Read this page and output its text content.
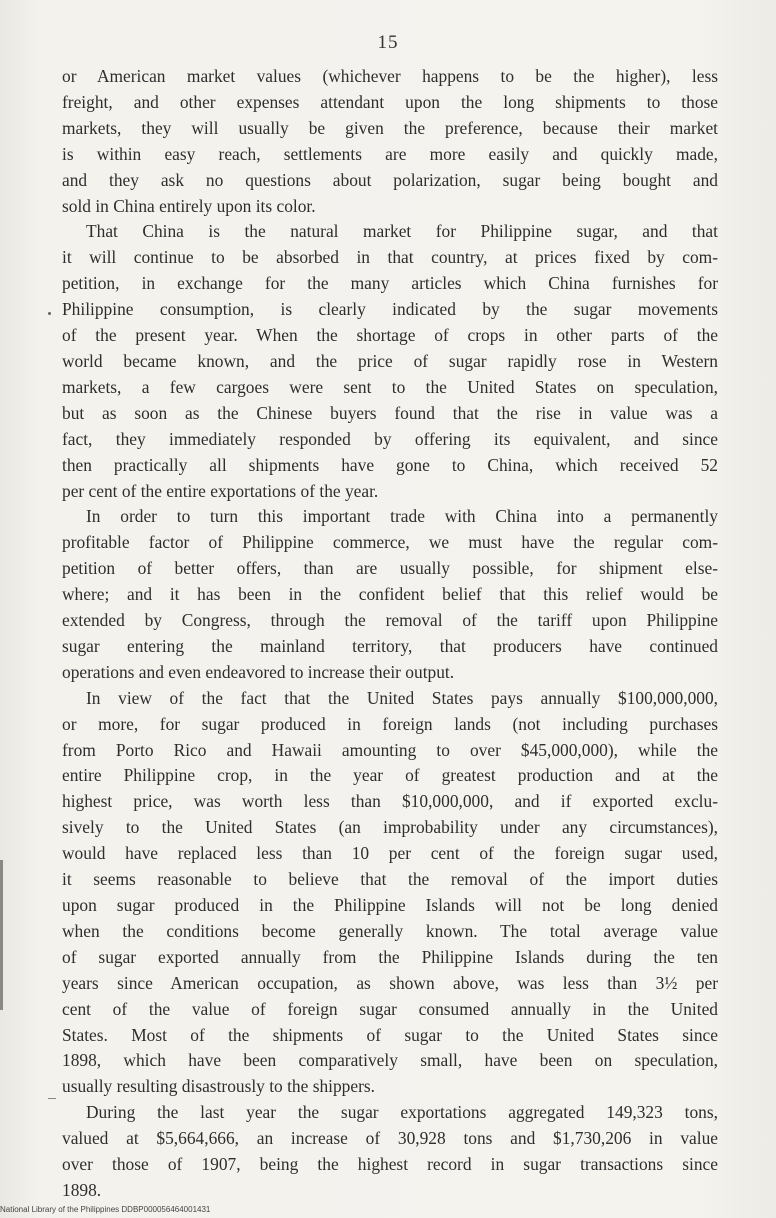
15
or American market values (whichever happens to be the higher), less
freight, and other expenses attendant upon the long shipments to those
markets, they will usually be given the preference, because their market
is within easy reach, settlements are more easily and quickly made,
and they ask no questions about polarization, sugar being bought and
sold in China entirely upon its color.
That China is the natural market for Philippine sugar, and that
it will continue to be absorbed in that country, at prices fixed by com-
petition, in exchange for the many articles which China furnishes for
Philippine consumption, is clearly indicated by the sugar movements
of the present year. When the shortage of crops in other parts of the
world became known, and the price of sugar rapidly rose in Western
markets, a few cargoes were sent to the United States on speculation,
but as soon as the Chinese buyers found that the rise in value was a
fact, they immediately responded by offering its equivalent, and since
then practically all shipments have gone to China, which received 52
per cent of the entire exportations of the year.
In order to turn this important trade with China into a permanently
profitable factor of Philippine commerce, we must have the regular com-
petition of better offers, than are usually possible, for shipment else-
where; and it has been in the confident belief that this relief would be
extended by Congress, through the removal of the tariff upon Philippine
sugar entering the mainland territory, that producers have continued
operations and even endeavored to increase their output.
In view of the fact that the United States pays annually $100,000,000,
or more, for sugar produced in foreign lands (not including purchases
from Porto Rico and Hawaii amounting to over $45,000,000), while the
entire Philippine crop, in the year of greatest production and at the
highest price, was worth less than $10,000,000, and if exported exclu-
sively to the United States (an improbability under any circumstances),
would have replaced less than 10 per cent of the foreign sugar used,
it seems reasonable to believe that the removal of the import duties
upon sugar produced in the Philippine Islands will not be long denied
when the conditions become generally known. The total average value
of sugar exported annually from the Philippine Islands during the ten
years since American occupation, as shown above, was less than 3½ per
cent of the value of foreign sugar consumed annually in the United
States. Most of the shipments of sugar to the United States since
1898, which have been comparatively small, have been on speculation,
usually resulting disastrously to the shippers.
During the last year the sugar exportations aggregated 149,323 tons,
valued at $5,664,666, an increase of 30,928 tons and $1,730,206 in value
over those of 1907, being the highest record in sugar transactions since
1898.
National Library of the Philippines DDBP000056464001431
